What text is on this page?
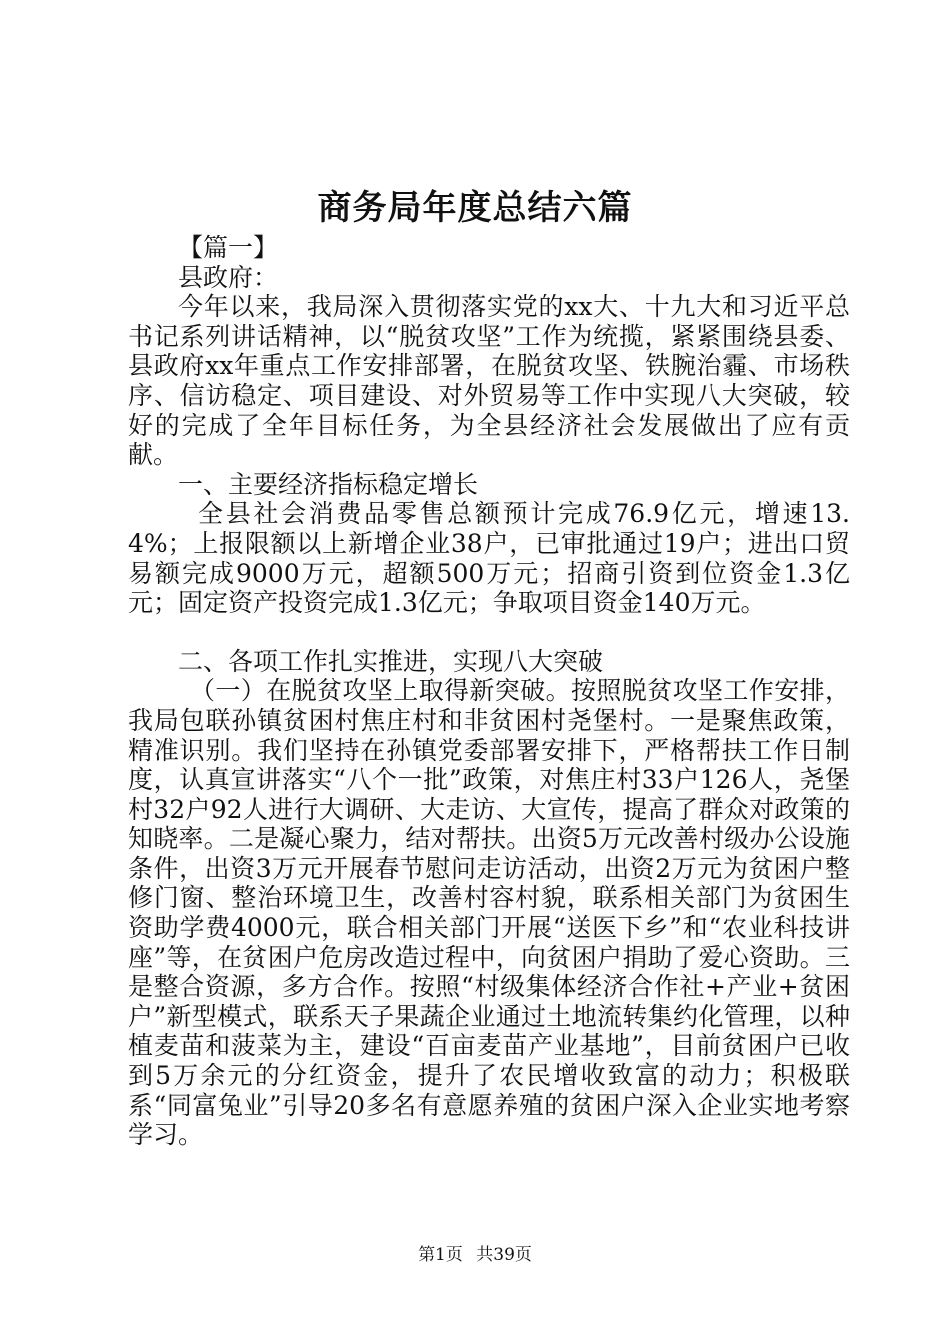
商务局年度总结六篇

【篇一】

县政府：

今年以来，我局深入贯彻落实党的xx大、十九大和习近平总书记系列讲话精神，以“脱贫攻坚”工作为统揽，紧紧围绕县委、县政府xx年重点工作安排部署，在脱贫攻坚、铁腕治霾、市场秩序、信访稳定、项目建设、对外贸易等工作中实现八大突破，较好的完成了全年目标任务，为全县经济社会发展做出了应有贡献。

一、主要经济指标稳定增长

全县社会消费品零售总额预计完成76.9亿元，增速13.4%；上报限额以上新增企业38户，已审批通过19户；进出口贸易额完成9000万元，超额500万元；招商引资到位资金1.3亿元；固定资产投资完成1.3亿元；争取项目资金140万元。

二、各项工作扎实推进，实现八大突破

（一）在脱贫攻坚上取得新突破。按照脱贫攻坚工作安排，我局包联孙镇贫困村焦庄村和非贫困村尧堡村。一是聚焦政策，精准识别。我们坚持在孙镇党委部署安排下，严格帮扶工作日制度，认真宣讲落实“八个一批”政策，对焦庄村33户126人，尧堡村32户92人进行大调研、大走访、大宣传，提高了群众对政策的知晓率。二是凝心聚力，结对帮扶。出资5万元改善村级办公设施条件，出资3万元开展春节慰问走访活动，出资2万元为贫困户整修门窗、整治环境卫生，改善村容村貌，联系相关部门为贫困生资助学费4000元，联合相关部门开展“送医下乡”和“农业科技讲座”等，在贫困户危房改造过程中，向贫困户捐助了爱心资助。三是整合资源，多方合作。按照“村级集体经济合作社+产业+贫困户”新型模式，联系天子果蔬企业通过土地流转集约化管理，以种植麦苗和菠菜为主，建设“百亩麦苗产业基地”，目前贫困户已收到5万余元的分红资金，提升了农民增收致富的动力；积极联系“同富兔业”引导20多名有意愿养殖的贫困户深入企业实地考察学习。

第1页 共39页
